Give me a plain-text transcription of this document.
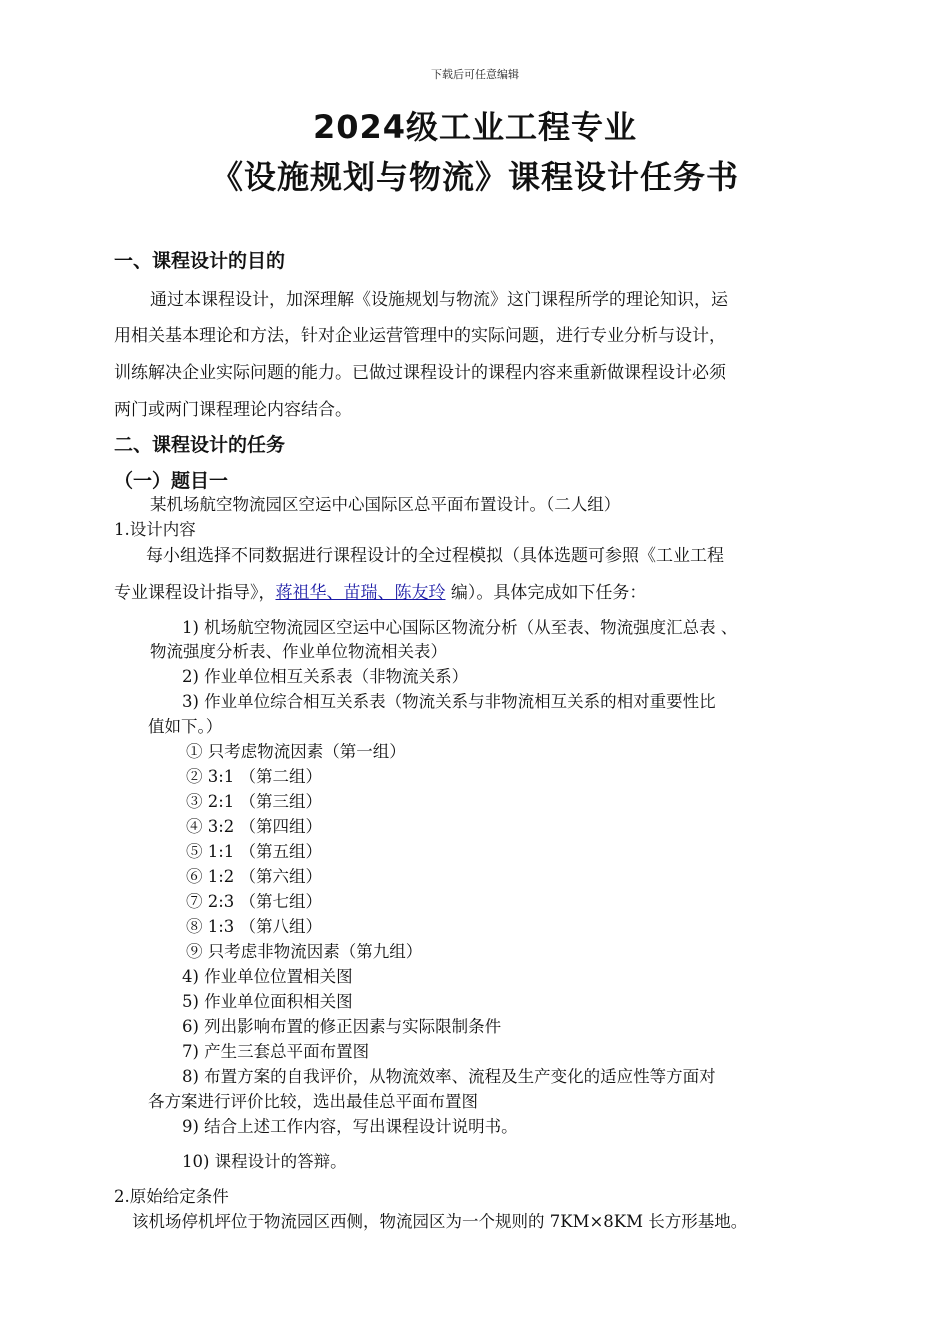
下载后可任意编辑
2024级工业工程专业
《设施规划与物流》课程设计任务书
一、课程设计的目的
通过本课程设计，加深理解《设施规划与物流》这门课程所学的理论知识，运
用相关基本理论和方法，针对企业运营管理中的实际问题，进行专业分析与设计，
训练解决企业实际问题的能力。已做过课程设计的课程内容来重新做课程设计必须
两门或两门课程理论内容结合。
二、课程设计的任务
（一）题目一
某机场航空物流园区空运中心国际区总平面布置设计。（二人组）
1.设计内容
每小组选择不同数据进行课程设计的全过程模拟（具体选题可参照《工业工程
专业课程设计指导》，蒋祖华、苗瑞、陈友玲 编）。具体完成如下任务：
1) 机场航空物流园区空运中心国际区物流分析（从至表、物流强度汇总表 、
物流强度分析表、作业单位物流相关表）
2) 作业单位相互关系表（非物流关系）
3) 作业单位综合相互关系表（物流关系与非物流相互关系的相对重要性比
值如下。）
① 只考虑物流因素（第一组）
② 3:1 （第二组）
③ 2:1 （第三组）
④ 3:2 （第四组）
⑤ 1:1 （第五组）
⑥ 1:2 （第六组）
⑦ 2:3 （第七组）
⑧ 1:3 （第八组）
⑨ 只考虑非物流因素（第九组）
4) 作业单位位置相关图
5) 作业单位面积相关图
6) 列出影响布置的修正因素与实际限制条件
7) 产生三套总平面布置图
8) 布置方案的自我评价，从物流效率、流程及生产变化的适应性等方面对
各方案进行评价比较，选出最佳总平面布置图
9) 结合上述工作内容，写出课程设计说明书。
10) 课程设计的答辩。
2.原始给定条件
该机场停机坪位于物流园区西侧，物流园区为一个规则的 7KM×8KM 长方形基地。
